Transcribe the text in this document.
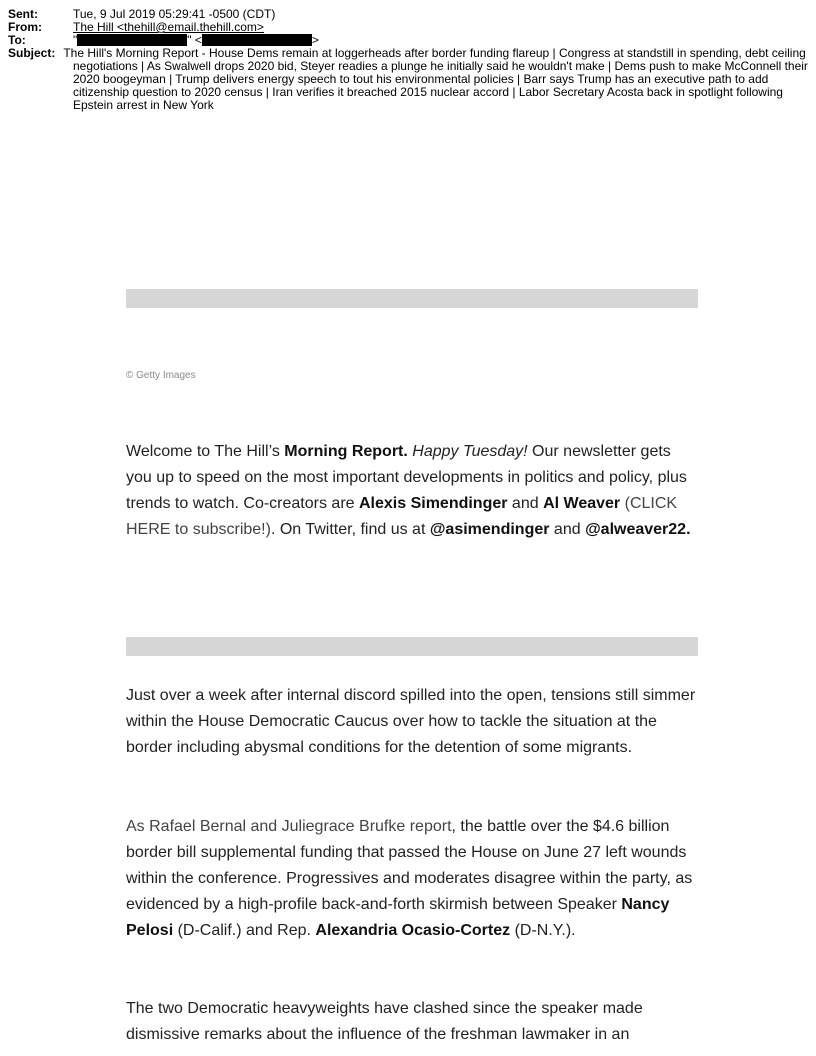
Sent:	Tue, 9 Jul 2019 05:29:41 -0500 (CDT)
From:	The Hill <thehill@email.thehill.com>
To:	"	" <	>
Subject: The Hill's Morning Report - House Dems remain at loggerheads after border funding flareup | Congress at standstill in spending, debt ceiling negotiations | As Swalwell drops 2020 bid, Steyer readies a plunge he initially said he wouldn't make | Dems push to make McConnell their 2020 boogeyman | Trump delivers energy speech to tout his environmental policies | Barr says Trump has an executive path to add citizenship question to 2020 census | Iran verifies it breached 2015 nuclear accord | Labor Secretary Acosta back in spotlight following Epstein arrest in New York
© Getty Images
Welcome to The Hill’s Morning Report. Happy Tuesday! Our newsletter gets you up to speed on the most important developments in politics and policy, plus trends to watch. Co-creators are Alexis Simendinger and Al Weaver (CLICK HERE to subscribe!). On Twitter, find us at @asimendinger and @alweaver22.
Just over a week after internal discord spilled into the open, tensions still simmer within the House Democratic Caucus over how to tackle the situation at the border including abysmal conditions for the detention of some migrants.
As Rafael Bernal and Juliegrace Brufke report, the battle over the $4.6 billion border bill supplemental funding that passed the House on June 27 left wounds within the conference. Progressives and moderates disagree within the party, as evidenced by a high-profile back-and-forth skirmish between Speaker Nancy Pelosi (D-Calif.) and Rep. Alexandria Ocasio-Cortez (D-N.Y.).
The two Democratic heavyweights have clashed since the speaker made dismissive remarks about the influence of the freshman lawmaker in an
